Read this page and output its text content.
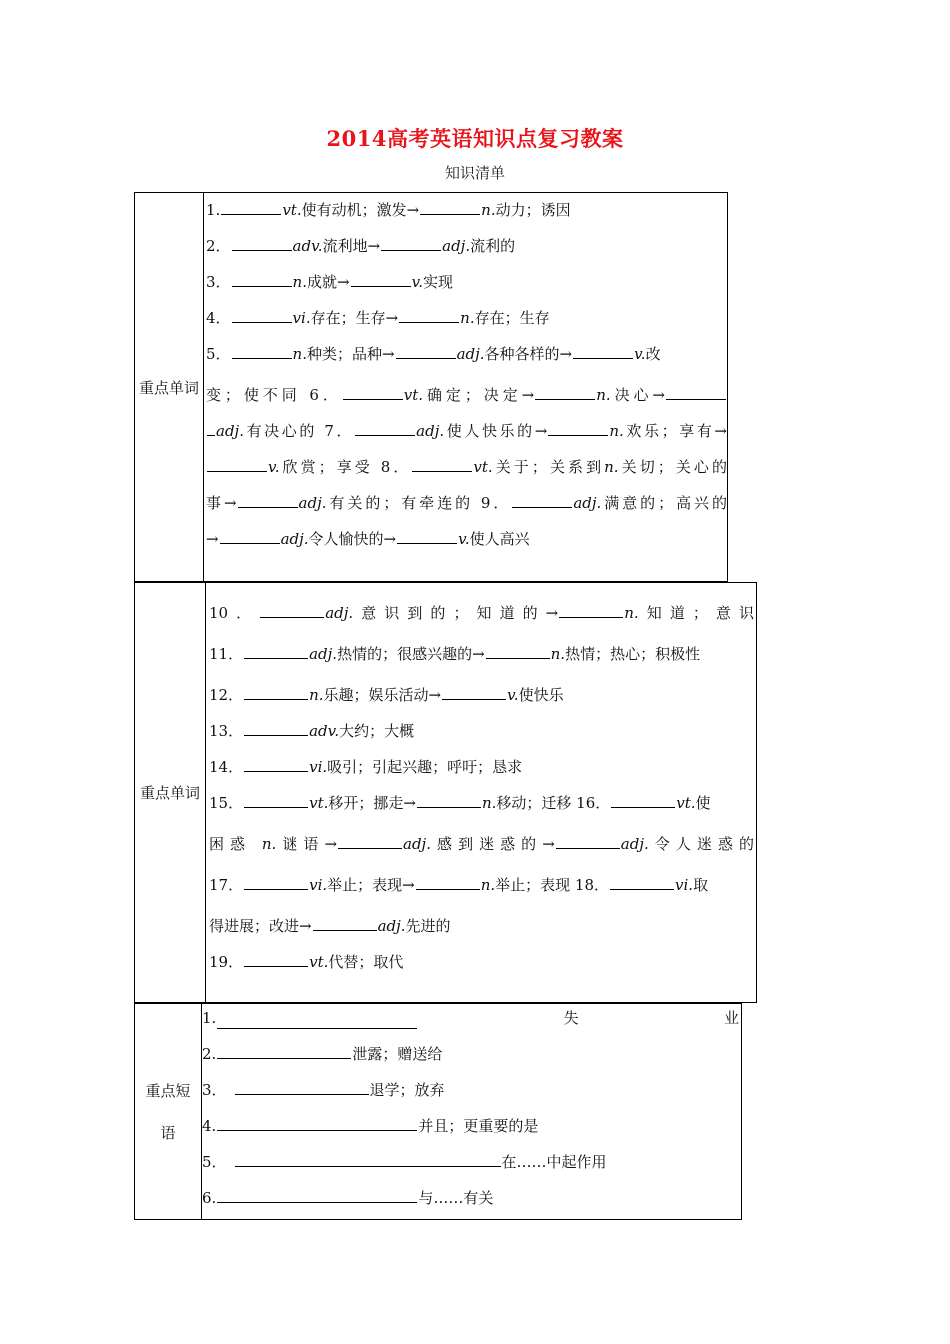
2014高考英语知识点复习教案
知识清单
重点单词
1.	vt.使有动机；激发→	n.动力；诱因
2．	adv.流利地→	adj.流利的
3．	n.成就→	v.实现
4．	vi.存在；生存→	n.存在；生存
5．	n.种类；品种→	adj.各种各样的→	v.改
变；使不同 6．	vt.确定；决定→	n.决心→
adj.有决心的 7．	adj.使人快乐的→	n.欢乐；享有→
v.欣赏；享受 8．	vt.关于；关系到n.关切；关心的
事→	adj.有关的；有牵连的 9．	adj.满意的；高兴的
→	adj.令人愉快的→	v.使人高兴
重点单词
10．	adj.意识到的；知道的→	n.知道；意识
11．	adj.热情的；很感兴趣的→	n.热情；热心；积极性
12．	n.乐趣；娱乐活动→	v.使快乐
13．	adv.大约；大概
14．	vi.吸引；引起兴趣；呼吁；恳求
15．	vt.移开；挪走→	n.移动；迁移 16．	vt.使
困惑 n.谜语→	adj.感到迷惑的→	adj.令人迷惑的
17．	vi.举止；表现→	n.举止；表现 18．	vi.取
得进展；改进→	adj.先进的
19．	vt.代替；取代
重点短
语
1.	失	业
2.	泄露；赠送给
3．	退学；放弃
4.	并且；更重要的是
5．	在……中起作用
6.	与……有关
